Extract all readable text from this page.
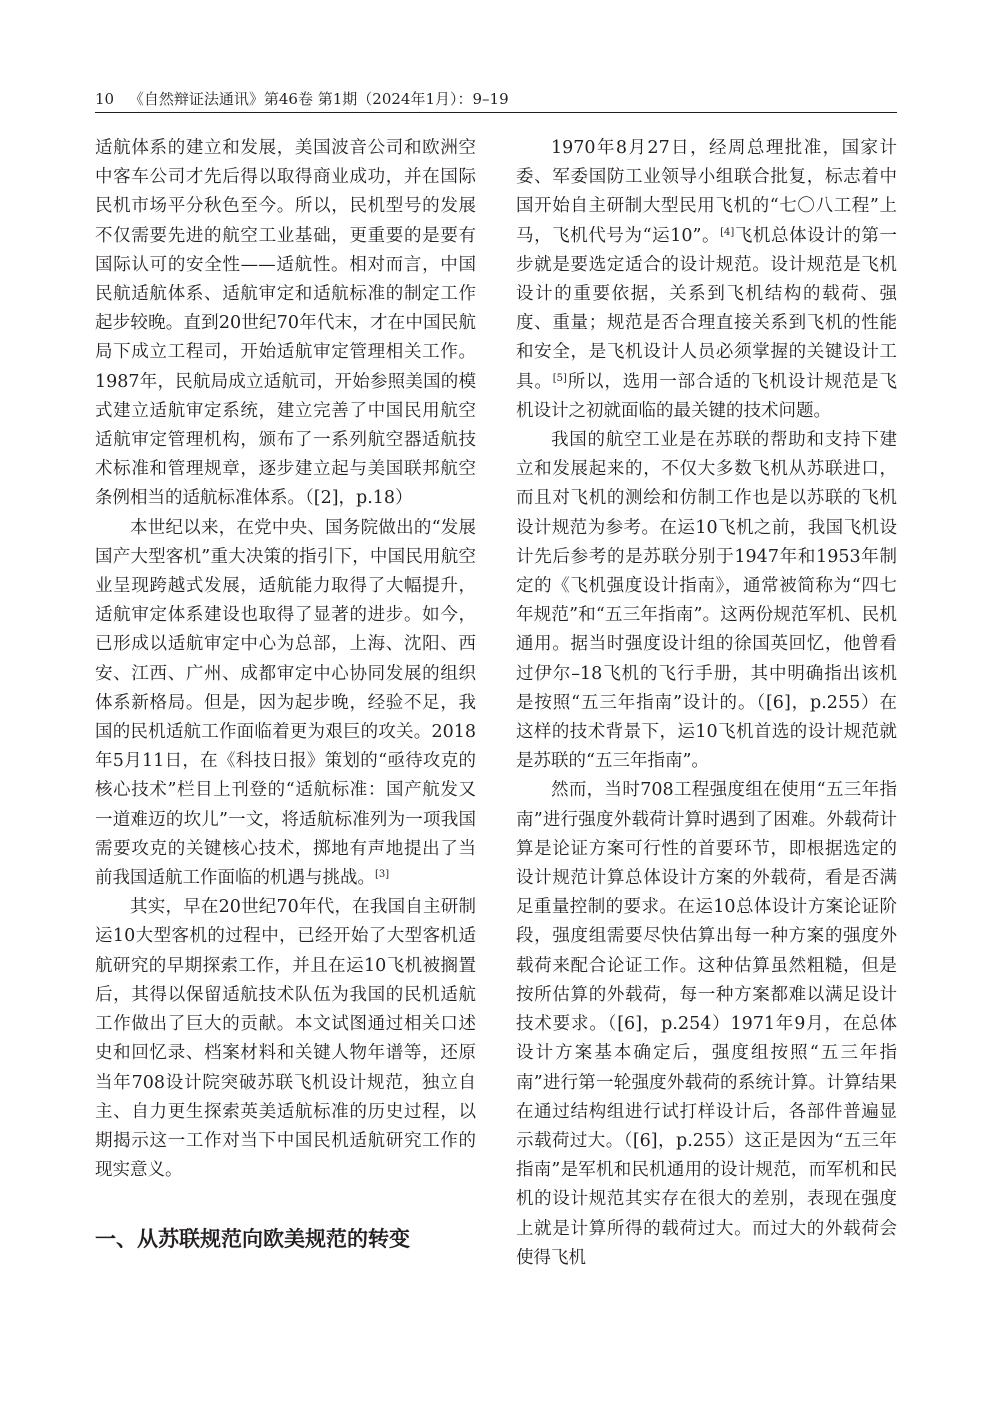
10 《自然辩证法通讯》第46卷 第1期（2024年1月）：9–19

适航体系的建立和发展，美国波音公司和欧洲空中客车公司才先后得以取得商业成功，并在国际民机市场平分秋色至今。所以，民机型号的发展不仅需要先进的航空工业基础，更重要的是要有国际认可的安全性——适航性。相对而言，中国民航适航体系、适航审定和适航标准的制定工作起步较晚。直到20世纪70年代末，才在中国民航局下成立工程司，开始适航审定管理相关工作。1987年，民航局成立适航司，开始参照美国的模式建立适航审定系统，建立完善了中国民用航空适航审定管理机构，颁布了一系列航空器适航技术标准和管理规章，逐步建立起与美国联邦航空条例相当的适航标准体系。（[2]，p.18）

本世纪以来，在党中央、国务院做出的“发展国产大型客机”重大决策的指引下，中国民用航空业呈现跨越式发展，适航能力取得了大幅提升，适航审定体系建设也取得了显著的进步。如今，已形成以适航审定中心为总部，上海、沈阳、西安、江西、广州、成都审定中心协同发展的组织体系新格局。但是，因为起步晚，经验不足，我国的民机适航工作面临着更为艰巨的攻关。2018年5月11日，在《科技日报》策划的“亟待攻克的核心技术”栏目上刊登的“适航标准：国产航发又一道难迈的坎儿”一文，将适航标准列为一项我国需要攻克的关键核心技术，掷地有声地提出了当前我国适航工作面临的机遇与挑战。[3]

其实，早在20世纪70年代，在我国自主研制运10大型客机的过程中，已经开始了大型客机适航研究的早期探索工作，并且在运10飞机被搁置后，其得以保留适航技术队伍为我国的民机适航工作做出了巨大的贡献。本文试图通过相关口述史和回忆录、档案材料和关键人物年谱等，还原当年708设计院突破苏联飞机设计规范，独立自主、自力更生探索英美适航标准的历史过程，以期揭示这一工作对当下中国民机适航研究工作的现实意义。

一、从苏联规范向欧美规范的转变

1970年8月27日，经周总理批准，国家计委、军委国防工业领导小组联合批复，标志着中国开始自主研制大型民用飞机的“七〇八工程”上马，飞机代号为“运10”。[4]飞机总体设计的第一步就是要选定适合的设计规范。设计规范是飞机设计的重要依据，关系到飞机结构的载荷、强度、重量；规范是否合理直接关系到飞机的性能和安全，是飞机设计人员必须掌握的关键设计工具。[5]所以，选用一部合适的飞机设计规范是飞机设计之初就面临的最关键的技术问题。

我国的航空工业是在苏联的帮助和支持下建立和发展起来的，不仅大多数飞机从苏联进口，而且对飞机的测绘和仿制工作也是以苏联的飞机设计规范为参考。在运10飞机之前，我国飞机设计先后参考的是苏联分别于1947年和1953年制定的《飞机强度设计指南》，通常被简称为“四七年规范”和“五三年指南”。这两份规范军机、民机通用。据当时强度设计组的徐国英回忆，他曾看过伊尔–18飞机的飞行手册，其中明确指出该机是按照“五三年指南”设计的。（[6]，p.255）在这样的技术背景下，运10飞机首选的设计规范就是苏联的“五三年指南”。

然而，当时708工程强度组在使用“五三年指南”进行强度外载荷计算时遇到了困难。外载荷计算是论证方案可行性的首要环节，即根据选定的设计规范计算总体设计方案的外载荷，看是否满足重量控制的要求。在运10总体设计方案论证阶段，强度组需要尽快估算出每一种方案的强度外载荷来配合论证工作。这种估算虽然粗糙，但是按所估算的外载荷，每一种方案都难以满足设计技术要求。（[6]，p.254）1971年9月，在总体设计方案基本确定后，强度组按照“五三年指南”进行第一轮强度外载荷的系统计算。计算结果在通过结构组进行试打样设计后，各部件普遍显示载荷过大。（[6]，p.255）这正是因为“五三年指南”是军机和民机通用的设计规范，而军机和民机的设计规范其实存在很大的差别，表现在强度上就是计算所得的载荷过大。而过大的外载荷会使得飞机
